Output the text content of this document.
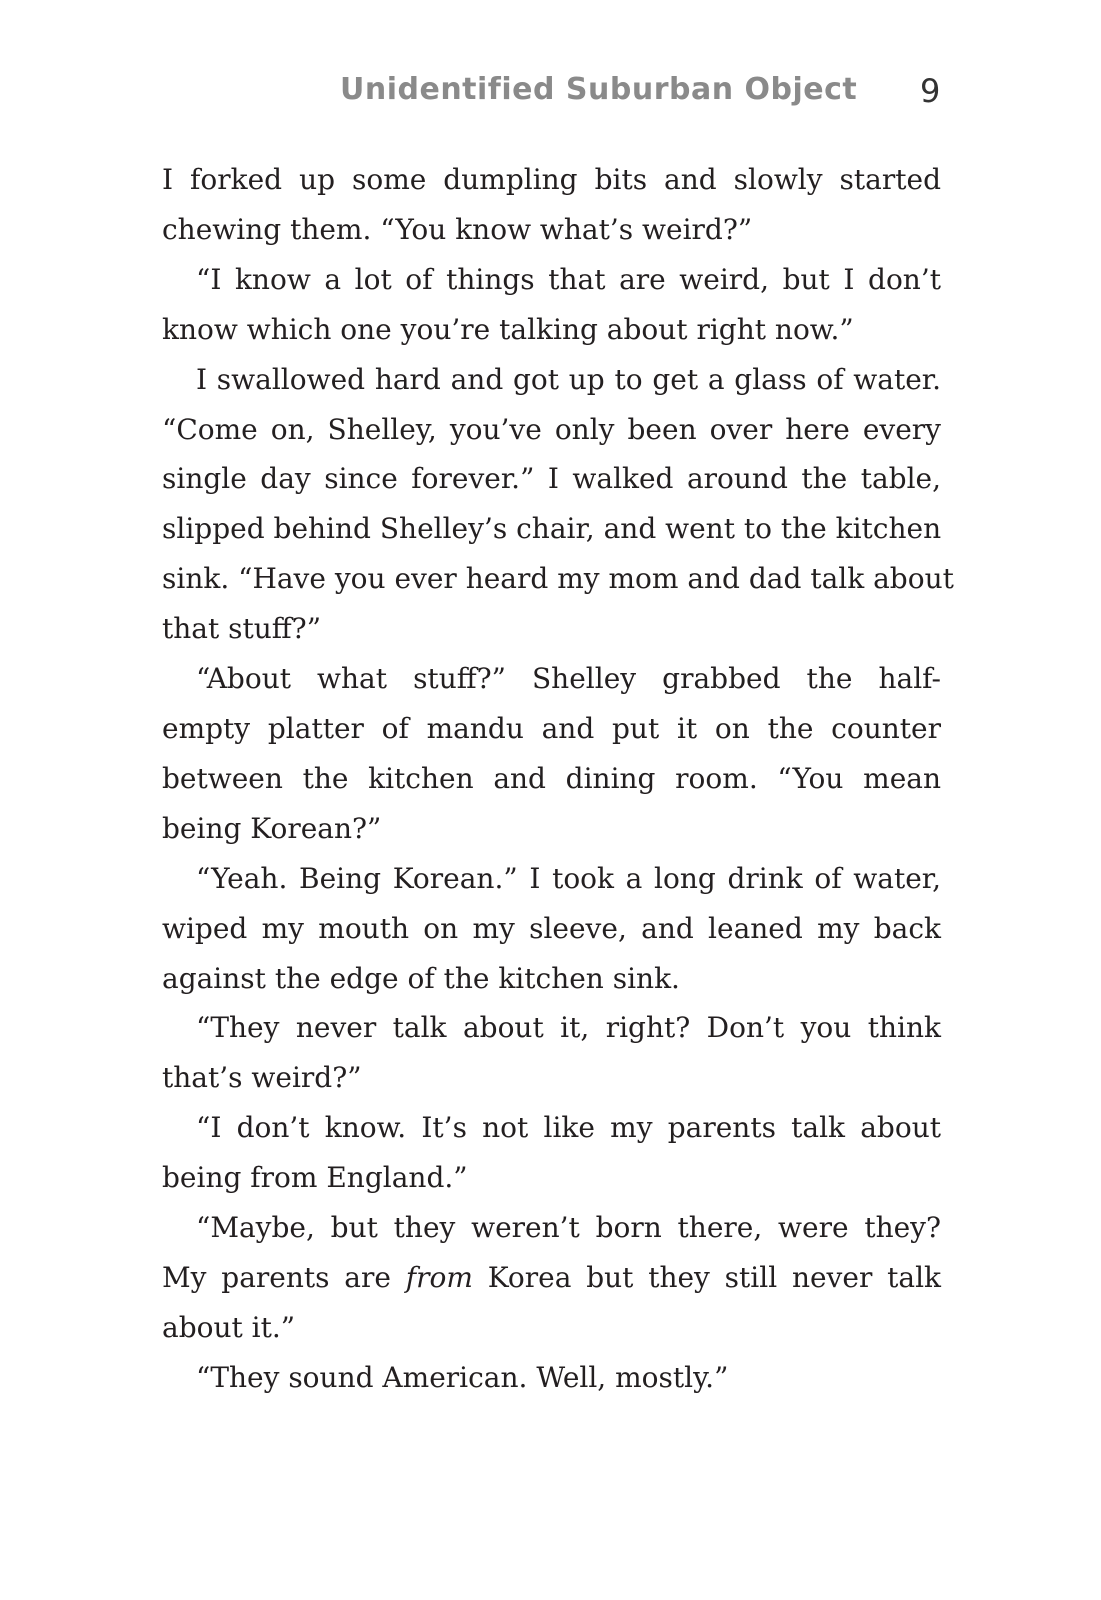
Unidentified Suburban Object 9
I forked up some dumpling bits and slowly started
chewing them. “You know what’s weird?”
“I know a lot of things that are weird, but I don’t
know which one you’re talking about right now.”
I swallowed hard and got up to get a glass of water.
“Come on, Shelley, you’ve only been over here every
single day since forever.” I walked around the table,
slipped behind Shelley’s chair, and went to the kitchen
sink. “Have you ever heard my mom and dad talk about
that stuff?”
“About what stuff?” Shelley grabbed the half-
empty platter of mandu and put it on the counter
between the kitchen and dining room. “You mean
being Korean?”
“Yeah. Being Korean.” I took a long drink of water,
wiped my mouth on my sleeve, and leaned my back
against the edge of the kitchen sink.
“They never talk about it, right? Don’t you think
that’s weird?”
“I don’t know. It’s not like my parents talk about
being from England.”
“Maybe, but they weren’t born there, were they?
My parents are from Korea but they still never talk
about it.”
“They sound American. Well, mostly.”
